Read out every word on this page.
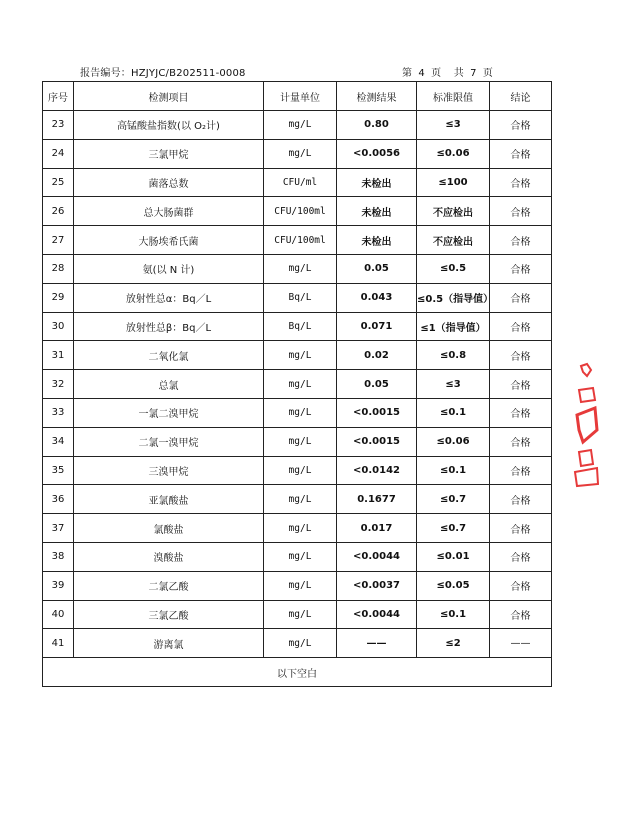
报告编号：HZJYJC/B202511-0008	第  4  页    共  7  页
序号	检测项目	计量单位	检测结果	标准限值	结论
23	高锰酸盐指数(以 O₂计)	mg/L	0.80	≤3	合格
24	三氯甲烷	mg/L	<0.0056	≤0.06	合格
25	菌落总数	CFU/ml	未检出	≤100	合格
26	总大肠菌群	CFU/100ml	未检出	不应检出	合格
27	大肠埃希氏菌	CFU/100ml	未检出	不应检出	合格
28	氨(以 N 计)	mg/L	0.05	≤0.5	合格
29	放射性总α：Bq／L	Bq/L	0.043	≤0.5（指导值）	合格
30	放射性总β：Bq／L	Bq/L	0.071	≤1（指导值）	合格
31	二氧化氯	mg/L	0.02	≤0.8	合格
32	总氯	mg/L	0.05	≤3	合格
33	一氯二溴甲烷	mg/L	<0.0015	≤0.1	合格
34	二氯一溴甲烷	mg/L	<0.0015	≤0.06	合格
35	三溴甲烷	mg/L	<0.0142	≤0.1	合格
36	亚氯酸盐	mg/L	0.1677	≤0.7	合格
37	氯酸盐	mg/L	0.017	≤0.7	合格
38	溴酸盐	mg/L	<0.0044	≤0.01	合格
39	二氯乙酸	mg/L	<0.0037	≤0.05	合格
40	三氯乙酸	mg/L	<0.0044	≤0.1	合格
41	游离氯	mg/L	——	≤2	——
以下空白					
